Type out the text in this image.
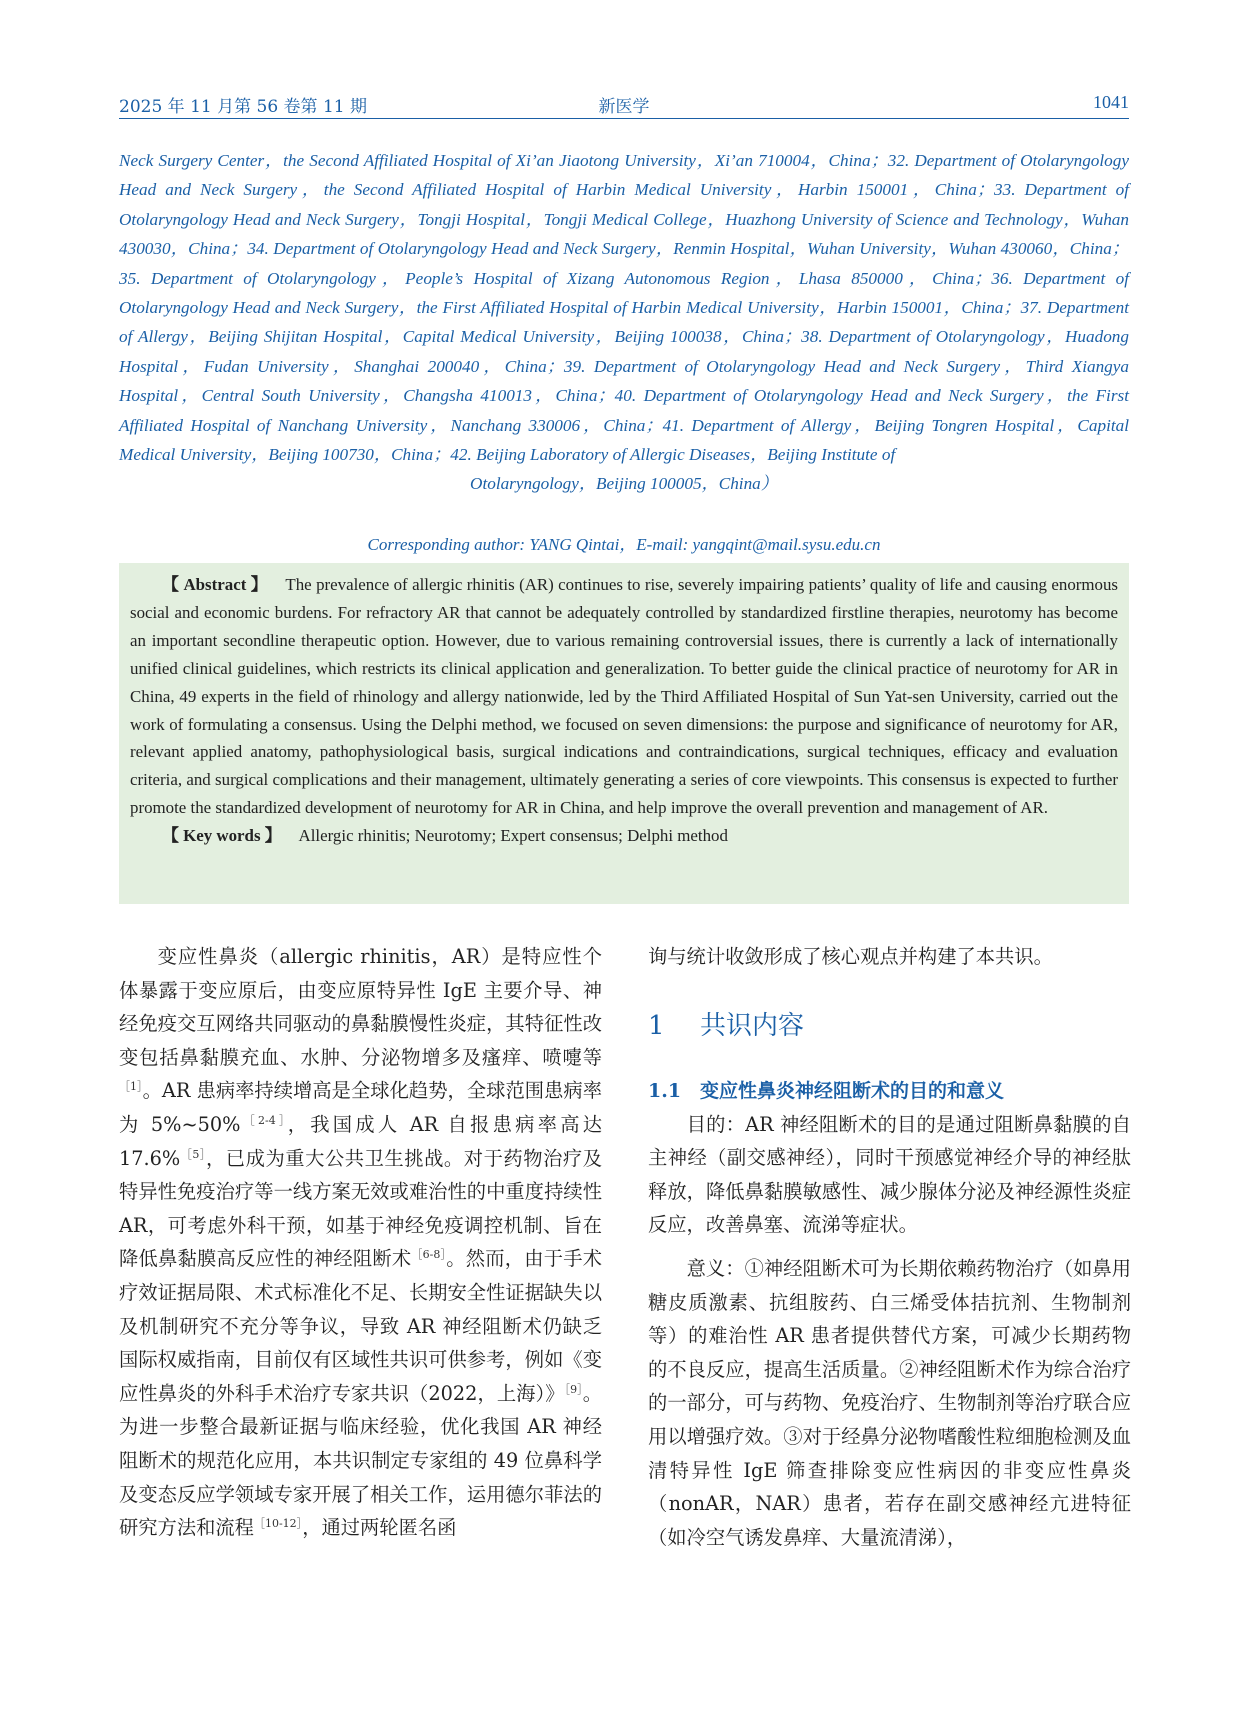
2025 年 11 月第 56 卷第 11 期	新医学	1041
Neck Surgery Center，the Second Affiliated Hospital of Xi’an Jiaotong University，Xi’an 710004，China；32. Department of Otolaryngology Head and Neck Surgery，the Second Affiliated Hospital of Harbin Medical University，Harbin 150001，China；33. Department of Otolaryngology Head and Neck Surgery，Tongji Hospital，Tongji Medical College，Huazhong University of Science and Technology，Wuhan 430030，China；34. Department of Otolaryngology Head and Neck Surgery，Renmin Hospital，Wuhan University，Wuhan 430060，China；35. Department of Otolaryngology，People’s Hospital of Xizang Autonomous Region，Lhasa 850000，China；36. Department of Otolaryngology Head and Neck Surgery，the First Affiliated Hospital of Harbin Medical University，Harbin 150001，China；37. Department of Allergy，Beijing Shijitan Hospital，Capital Medical University，Beijing 100038，China；38. Department of Otolaryngology，Huadong Hospital，Fudan University，Shanghai 200040，China；39. Department of Otolaryngology Head and Neck Surgery，Third Xiangya Hospital，Central South University，Changsha 410013，China；40. Department of Otolaryngology Head and Neck Surgery，the First Affiliated Hospital of Nanchang University，Nanchang 330006，China；41. Department of Allergy，Beijing Tongren Hospital，Capital Medical University，Beijing 100730，China；42. Beijing Laboratory of Allergic Diseases，Beijing Institute of
Otolaryngology，Beijing 100005，China）
Corresponding author: YANG Qintai，E-mail: yangqint@mail.sysu.edu.cn

【 Abstract 】 The prevalence of allergic rhinitis (AR) continues to rise, severely impairing patients’ quality of life and causing enormous social and economic burdens. For refractory AR that cannot be adequately controlled by standardized firstline therapies, neurotomy has become an important secondline therapeutic option. However, due to various remaining controversial issues, there is currently a lack of internationally unified clinical guidelines, which restricts its clinical application and generalization. To better guide the clinical practice of neurotomy for AR in China, 49 experts in the field of rhinology and allergy nationwide, led by the Third Affiliated Hospital of Sun Yat-sen University, carried out the work of formulating a consensus. Using the Delphi method, we focused on seven dimensions: the purpose and significance of neurotomy for AR, relevant applied anatomy, pathophysiological basis, surgical indications and contraindications, surgical techniques, efficacy and evaluation criteria, and surgical complications and their management, ultimately generating a series of core viewpoints. This consensus is expected to further promote the standardized development of neurotomy for AR in China, and help improve the overall prevention and management of AR.

【 Key words 】 Allergic rhinitis; Neurotomy; Expert consensus; Delphi method

变应性鼻炎（allergic rhinitis，AR）是特应性个体暴露于变应原后，由变应原特异性 IgE 主要介导、神经免疫交互网络共同驱动的鼻黏膜慢性炎症，其特征性改变包括鼻黏膜充血、水肿、分泌物增多及瘙痒、喷嚏等$^{[1]}$。AR 患病率持续增高是全球化趋势，全球范围患病率为 5%~50%$^{[2-4]}$，我国成人 AR 自报患病率高达 17.6%$^{[5]}$，已成为重大公共卫生挑战。对于药物治疗及特异性免疫治疗等一线方案无效或难治性的中重度持续性 AR，可考虑外科干预，如基于神经免疫调控机制、旨在降低鼻黏膜高反应性的神经阻断术$^{[6-8]}$。然而，由于手术疗效证据局限、术式标准化不足、长期安全性证据缺失以及机制研究不充分等争议，导致 AR 神经阻断术仍缺乏国际权威指南，目前仅有区域性共识可供参考，例如《变应性鼻炎的外科手术治疗专家共识（2022，上海）》$^{[9]}$。为进一步整合最新证据与临床经验，优化我国 AR 神经阻断术的规范化应用，本共识制定专家组的 49 位鼻科学及变态反应学领域专家开展了相关工作，运用德尔菲法的研究方法和流程$^{[10-12]}$，通过两轮匿名函

询与统计收敛形成了核心观点并构建了本共识。

1 共识内容
1.1 变应性鼻炎神经阻断术的目的和意义

目的：AR 神经阻断术的目的是通过阻断鼻黏膜的自主神经（副交感神经），同时干预感觉神经介导的神经肽释放，降低鼻黏膜敏感性、减少腺体分泌及神经源性炎症反应，改善鼻塞、流涕等症状。

意义：①神经阻断术可为长期依赖药物治疗（如鼻用糖皮质激素、抗组胺药、白三烯受体拮抗剂、生物制剂等）的难治性 AR 患者提供替代方案，可减少长期药物的不良反应，提高生活质量。②神经阻断术作为综合治疗的一部分，可与药物、免疫治疗、生物制剂等治疗联合应用以增强疗效。③对于经鼻分泌物嗜酸性粒细胞检测及血清特异性 IgE 筛查排除变应性病因的非变应性鼻炎（nonAR，NAR）患者，若存在副交感神经亢进特征（如冷空气诱发鼻痒、大量流清涕），
